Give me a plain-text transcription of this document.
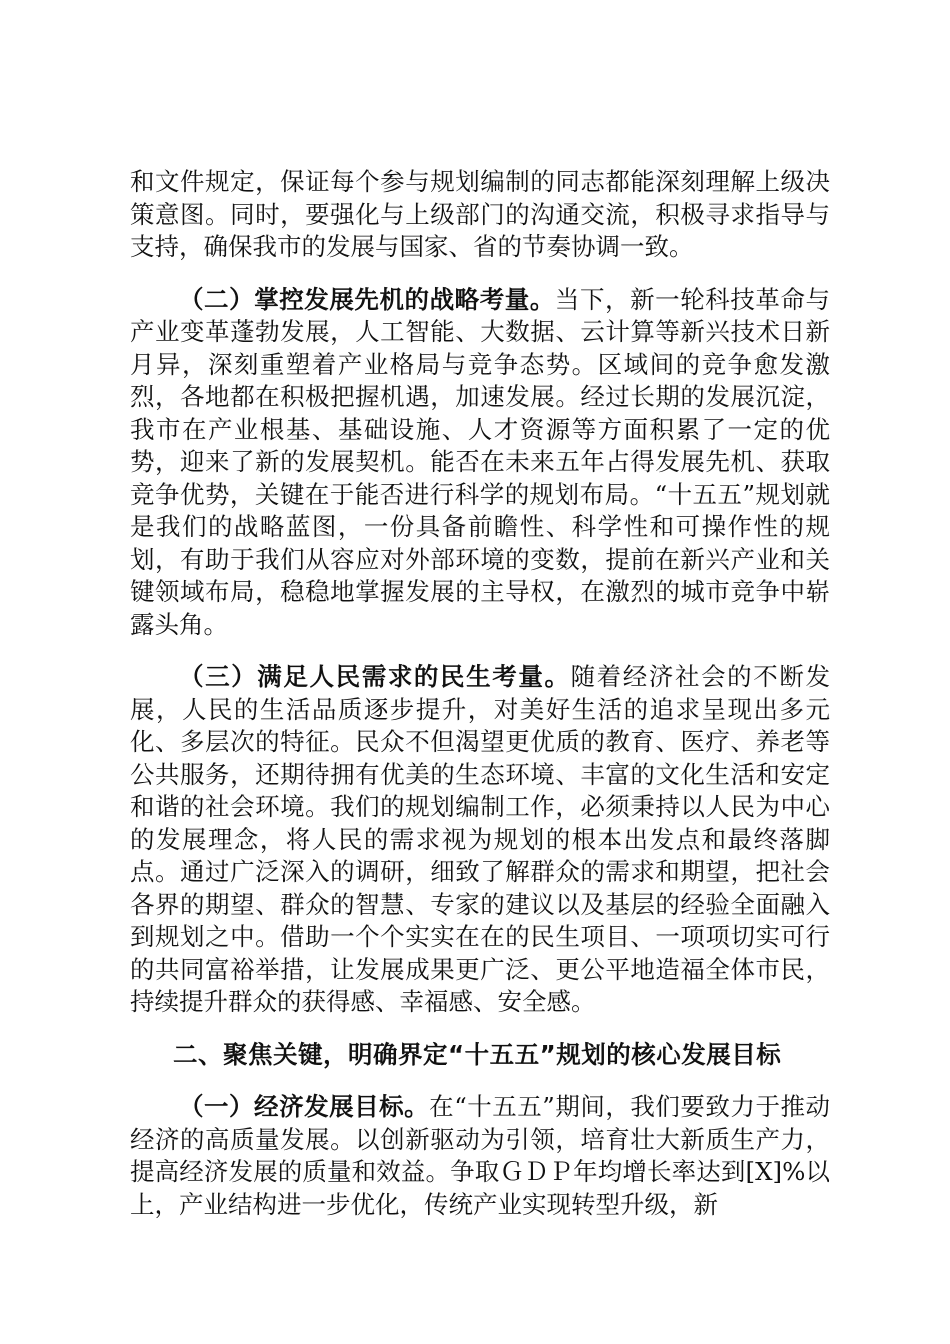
和文件规定，保证每个参与规划编制的同志都能深刻理解上级决策意图。同时，要强化与上级部门的沟通交流，积极寻求指导与支持，确保我市的发展与国家、省的节奏协调一致。

（二）掌控发展先机的战略考量。当下，新一轮科技革命与产业变革蓬勃发展，人工智能、大数据、云计算等新兴技术日新月异，深刻重塑着产业格局与竞争态势。区域间的竞争愈发激烈，各地都在积极把握机遇，加速发展。经过长期的发展沉淀，我市在产业根基、基础设施、人才资源等方面积累了一定的优势，迎来了新的发展契机。能否在未来五年占得发展先机、获取竞争优势，关键在于能否进行科学的规划布局。“十五五”规划就是我们的战略蓝图，一份具备前瞻性、科学性和可操作性的规划，有助于我们从容应对外部环境的变数，提前在新兴产业和关键领域布局，稳稳地掌握发展的主导权，在激烈的城市竞争中崭露头角。

（三）满足人民需求的民生考量。随着经济社会的不断发展，人民的生活品质逐步提升，对美好生活的追求呈现出多元化、多层次的特征。民众不但渴望更优质的教育、医疗、养老等公共服务，还期待拥有优美的生态环境、丰富的文化生活和安定和谐的社会环境。我们的规划编制工作，必须秉持以人民为中心的发展理念，将人民的需求视为规划的根本出发点和最终落脚点。通过广泛深入的调研，细致了解群众的需求和期望，把社会各界的期望、群众的智慧、专家的建议以及基层的经验全面融入到规划之中。借助一个个实实在在的民生项目、一项项切实可行的共同富裕举措，让发展成果更广泛、更公平地造福全体市民，持续提升群众的获得感、幸福感、安全感。

二、聚焦关键，明确界定“十五五”规划的核心发展目标

（一）经济发展目标。在“十五五”期间，我们要致力于推动经济的高质量发展。以创新驱动为引领，培育壮大新质生产力，提高经济发展的质量和效益。争取ＧＤＰ年均增长率达到[X]%以上，产业结构进一步优化，传统产业实现转型升级，新
